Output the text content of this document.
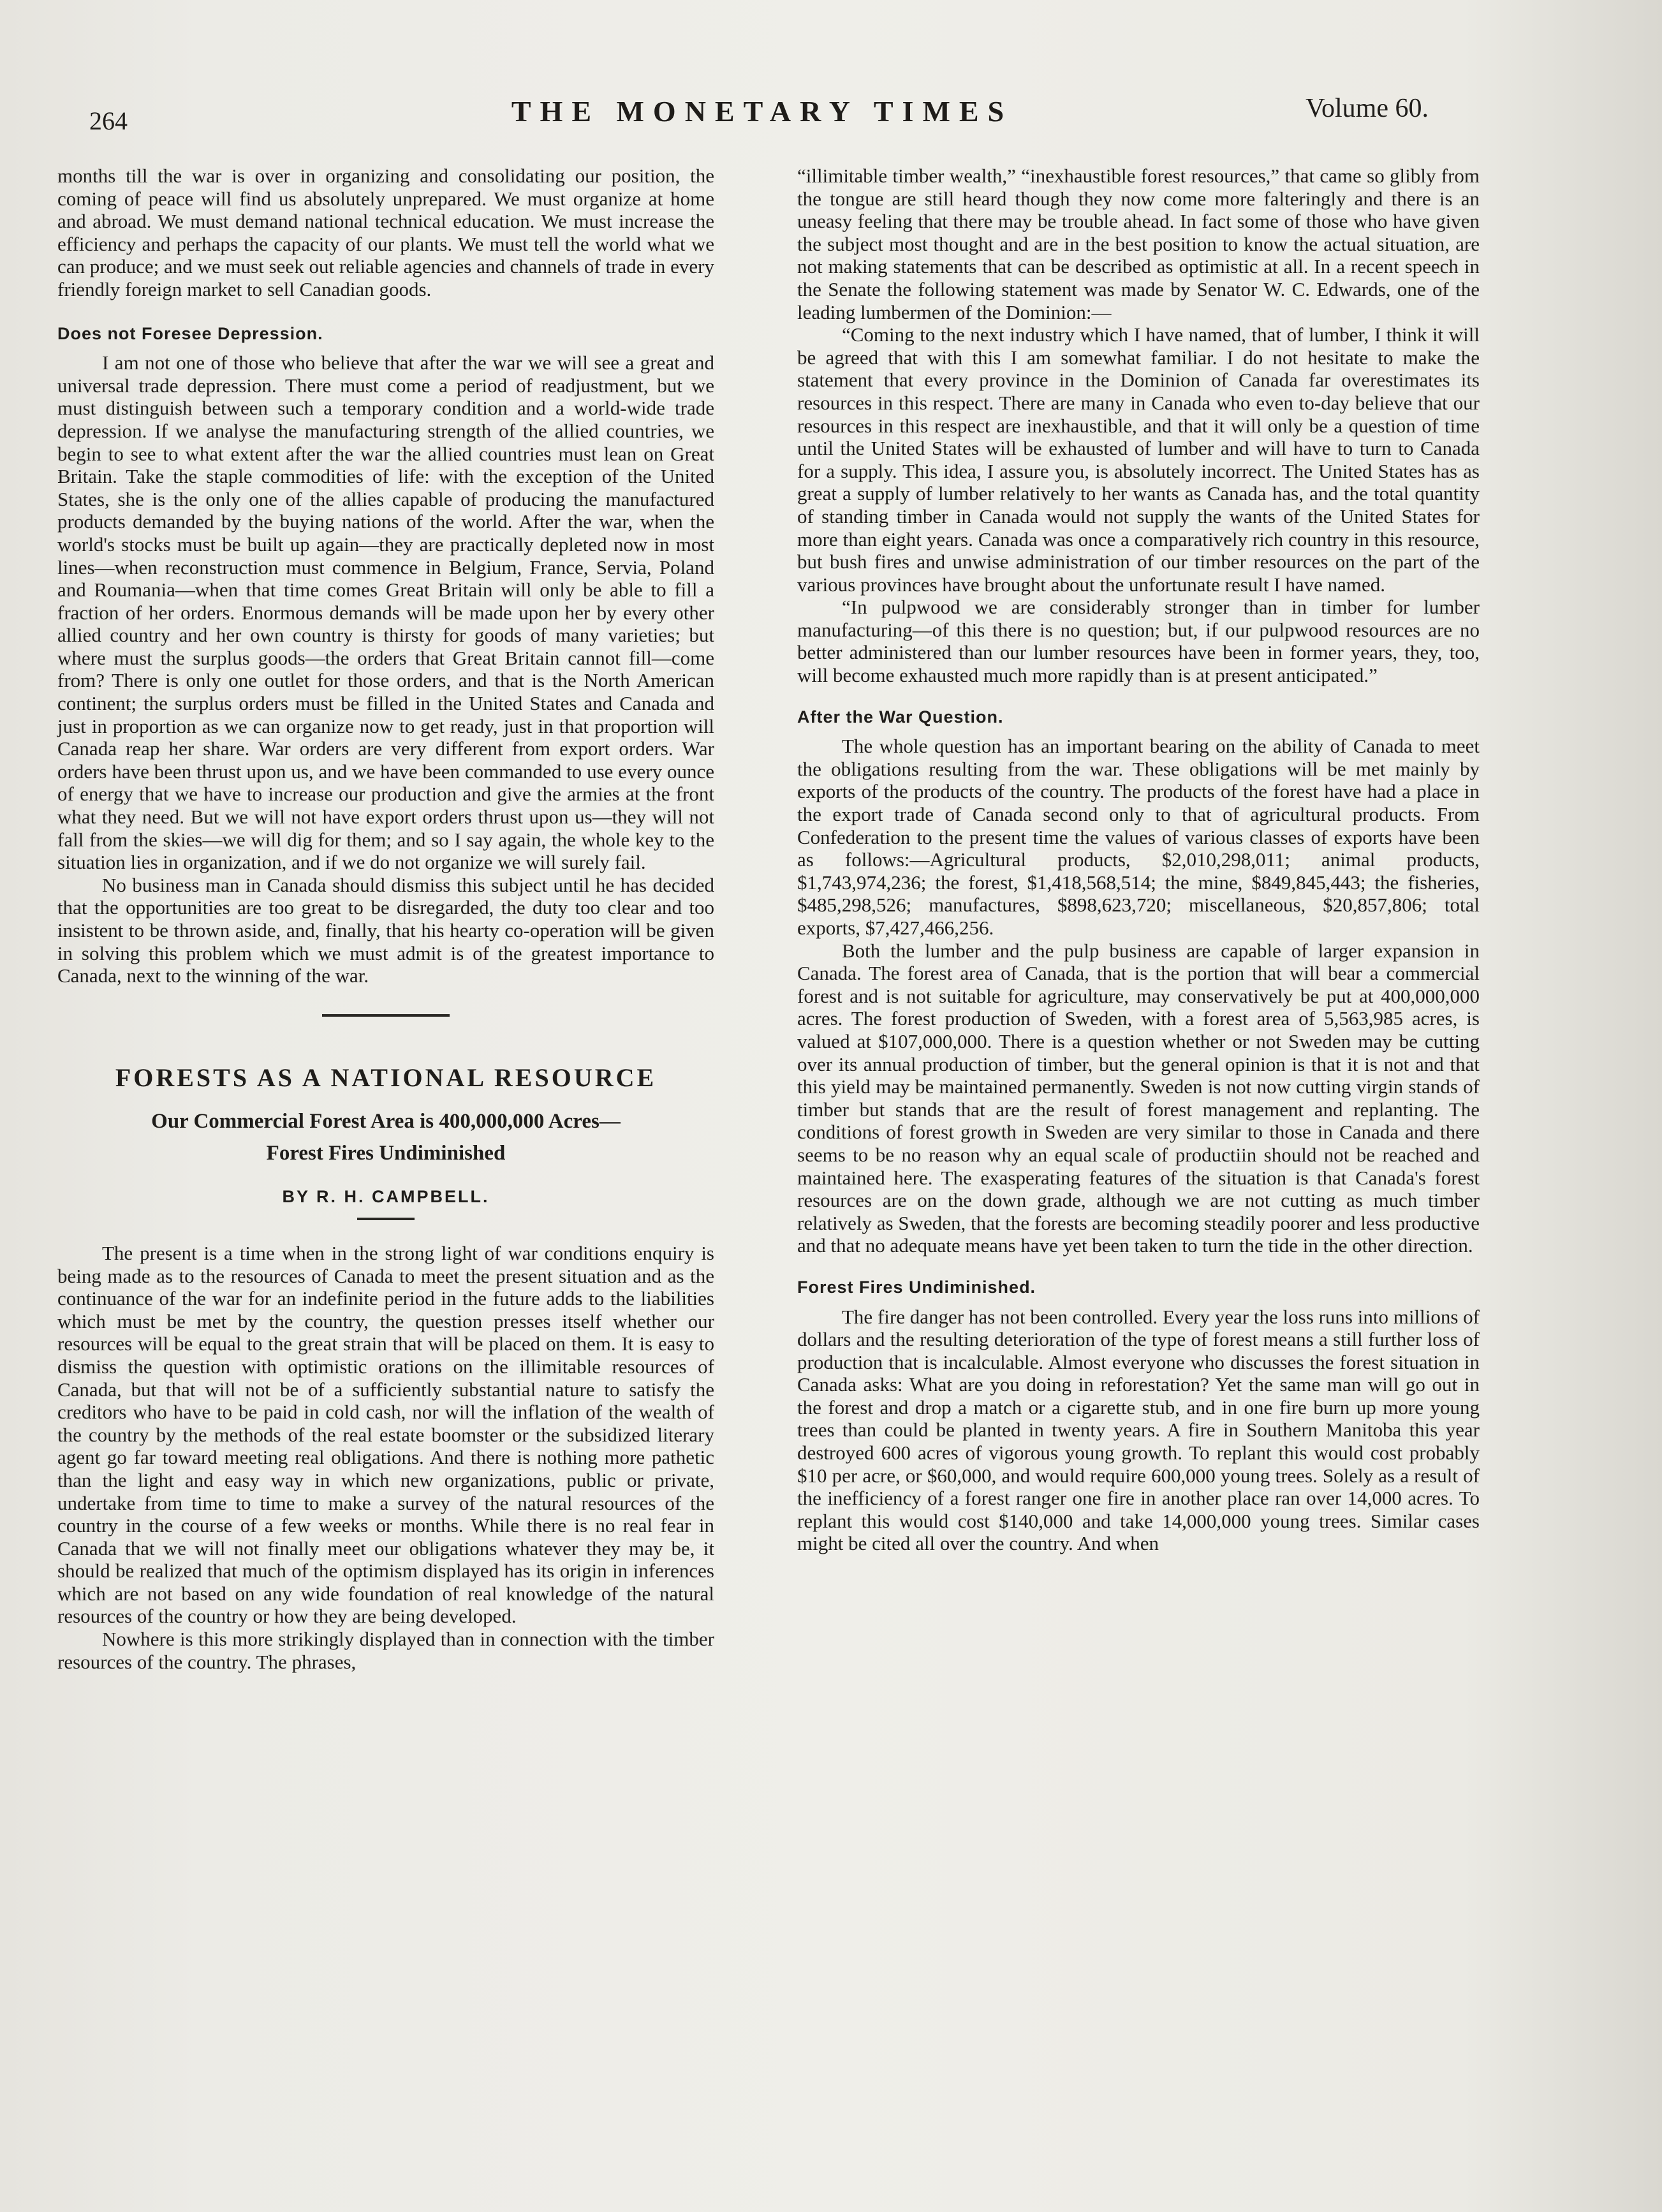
264	THE MONETARY TIMES	Volume 60.

months till the war is over in organizing and consolidating our position, the coming of peace will find us absolutely unprepared. We must organize at home and abroad. We must demand national technical education. We must increase the efficiency and perhaps the capacity of our plants. We must tell the world what we can produce; and we must seek out reliable agencies and channels of trade in every friendly foreign market to sell Canadian goods.

Does not Foresee Depression.

I am not one of those who believe that after the war we will see a great and universal trade depression. There must come a period of readjustment, but we must distinguish between such a temporary condition and a world-wide trade depression. If we analyse the manufacturing strength of the allied countries, we begin to see to what extent after the war the allied countries must lean on Great Britain. Take the staple commodities of life: with the exception of the United States, she is the only one of the allies capable of producing the manufactured products demanded by the buying nations of the world. After the war, when the world's stocks must be built up again—they are practically depleted now in most lines—when reconstruction must commence in Belgium, France, Servia, Poland and Roumania—when that time comes Great Britain will only be able to fill a fraction of her orders. Enormous demands will be made upon her by every other allied country and her own country is thirsty for goods of many varieties; but where must the surplus goods—the orders that Great Britain cannot fill—come from? There is only one outlet for those orders, and that is the North American continent; the surplus orders must be filled in the United States and Canada and just in proportion as we can organize now to get ready, just in that proportion will Canada reap her share. War orders are very different from export orders. War orders have been thrust upon us, and we have been commanded to use every ounce of energy that we have to increase our production and give the armies at the front what they need. But we will not have export orders thrust upon us—they will not fall from the skies—we will dig for them; and so I say again, the whole key to the situation lies in organization, and if we do not organize we will surely fail.

No business man in Canada should dismiss this subject until he has decided that the opportunities are too great to be disregarded, the duty too clear and too insistent to be thrown aside, and, finally, that his hearty co-operation will be given in solving this problem which we must admit is of the greatest importance to Canada, next to the winning of the war.

FORESTS AS A NATIONAL RESOURCE
Our Commercial Forest Area is 400,000,000 Acres—
Forest Fires Undiminished
BY R. H. CAMPBELL.

The present is a time when in the strong light of war conditions enquiry is being made as to the resources of Canada to meet the present situation and as the continuance of the war for an indefinite period in the future adds to the liabilities which must be met by the country, the question presses itself whether our resources will be equal to the great strain that will be placed on them. It is easy to dismiss the question with optimistic orations on the illimitable resources of Canada, but that will not be of a sufficiently substantial nature to satisfy the creditors who have to be paid in cold cash, nor will the inflation of the wealth of the country by the methods of the real estate boomster or the subsidized literary agent go far toward meeting real obligations. And there is nothing more pathetic than the light and easy way in which new organizations, public or private, undertake from time to time to make a survey of the natural resources of the country in the course of a few weeks or months. While there is no real fear in Canada that we will not finally meet our obligations whatever they may be, it should be realized that much of the optimism displayed has its origin in inferences which are not based on any wide foundation of real knowledge of the natural resources of the country or how they are being developed.

Nowhere is this more strikingly displayed than in connection with the timber resources of the country. The phrases,

“illimitable timber wealth,” “inexhaustible forest resources,” that came so glibly from the tongue are still heard though they now come more falteringly and there is an uneasy feeling that there may be trouble ahead. In fact some of those who have given the subject most thought and are in the best position to know the actual situation, are not making statements that can be described as optimistic at all. In a recent speech in the Senate the following statement was made by Senator W. C. Edwards, one of the leading lumbermen of the Dominion:—

“Coming to the next industry which I have named, that of lumber, I think it will be agreed that with this I am somewhat familiar. I do not hesitate to make the statement that every province in the Dominion of Canada far overestimates its resources in this respect. There are many in Canada who even to-day believe that our resources in this respect are inexhaustible, and that it will only be a question of time until the United States will be exhausted of lumber and will have to turn to Canada for a supply. This idea, I assure you, is absolutely incorrect. The United States has as great a supply of lumber relatively to her wants as Canada has, and the total quantity of standing timber in Canada would not supply the wants of the United States for more than eight years. Canada was once a comparatively rich country in this resource, but bush fires and unwise administration of our timber resources on the part of the various provinces have brought about the unfortunate result I have named.

“In pulpwood we are considerably stronger than in timber for lumber manufacturing—of this there is no question; but, if our pulpwood resources are no better administered than our lumber resources have been in former years, they, too, will become exhausted much more rapidly than is at present anticipated.”

After the War Question.

The whole question has an important bearing on the ability of Canada to meet the obligations resulting from the war. These obligations will be met mainly by exports of the products of the country. The products of the forest have had a place in the export trade of Canada second only to that of agricultural products. From Confederation to the present time the values of various classes of exports have been as follows:—Agricultural products, $2,010,298,011; animal products, $1,743,974,236; the forest, $1,418,568,514; the mine, $849,845,443; the fisheries, $485,298,526; manufactures, $898,623,720; miscellaneous, $20,857,806; total exports, $7,427,466,256.

Both the lumber and the pulp business are capable of larger expansion in Canada. The forest area of Canada, that is the portion that will bear a commercial forest and is not suitable for agriculture, may conservatively be put at 400,000,000 acres. The forest production of Sweden, with a forest area of 5,563,985 acres, is valued at $107,000,000. There is a question whether or not Sweden may be cutting over its annual production of timber, but the general opinion is that it is not and that this yield may be maintained permanently. Sweden is not now cutting virgin stands of timber but stands that are the result of forest management and replanting. The conditions of forest growth in Sweden are very similar to those in Canada and there seems to be no reason why an equal scale of productiin should not be reached and maintained here. The exasperating features of the situation is that Canada's forest resources are on the down grade, although we are not cutting as much timber relatively as Sweden, that the forests are becoming steadily poorer and less productive and that no adequate means have yet been taken to turn the tide in the other direction.

Forest Fires Undiminished.

The fire danger has not been controlled. Every year the loss runs into millions of dollars and the resulting deterioration of the type of forest means a still further loss of production that is incalculable. Almost everyone who discusses the forest situation in Canada asks: What are you doing in reforestation? Yet the same man will go out in the forest and drop a match or a cigarette stub, and in one fire burn up more young trees than could be planted in twenty years. A fire in Southern Manitoba this year destroyed 600 acres of vigorous young growth. To replant this would cost probably $10 per acre, or $60,000, and would require 600,000 young trees. Solely as a result of the inefficiency of a forest ranger one fire in another place ran over 14,000 acres. To replant this would cost $140,000 and take 14,000,000 young trees. Similar cases might be cited all over the country. And when
